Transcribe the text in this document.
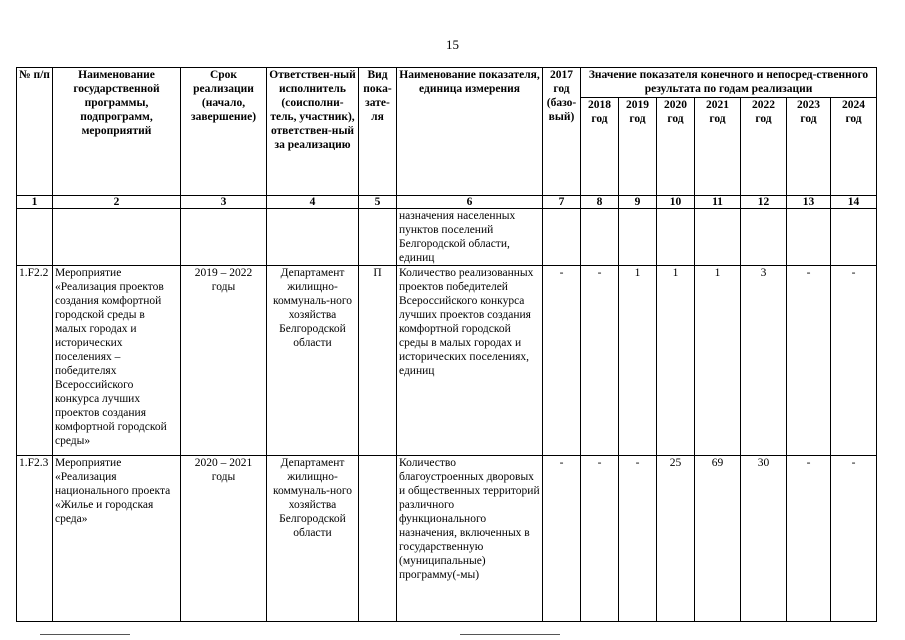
15
№ п/п	Наименование государственной программы, подпрограмм, мероприятий	Срок реализации (начало, завершение)	Ответствен-ный исполнитель (соисполни-тель, участник), ответствен-ный за реализацию	Вид пока-зате-ля	Наименование показателя, единица измерения	2017 год (базо-вый)	Значение показателя конечного и непосред-ственного результата по годам реализации						
							2018 год	2019 год	2020 год	2021 год	2022 год	2023 год	2024 год
1	2	3	4	5	6	7	8	9	10	11	12	13	14
					назначения населенных пунктов поселений Белгородской области, единиц								
1.F2.2	Мероприятие «Реализация проектов создания комфортной городской среды в малых городах и исторических поселениях – победителях Всероссийского конкурса лучших проектов создания комфортной городской среды»	2019 – 2022 годы	Департамент жилищно-коммуналь-ного хозяйства Белгородской области	П	Количество реализованных проектов победителей Всероссийского конкурса лучших проектов создания комфортной городской среды в малых городах и исторических поселениях, единиц	-	-	1	1	1	3	-	-
1.F2.3	Мероприятие «Реализация национального проекта «Жилье и городская среда»	2020 – 2021 годы	Департамент жилищно-коммуналь-ного хозяйства Белгородской области		Количество благоустроенных дворовых и общественных территорий различного функционального назначения, включенных в государственную (муниципальные) программу(-мы)	-	-	-	25	69	30	-	-
